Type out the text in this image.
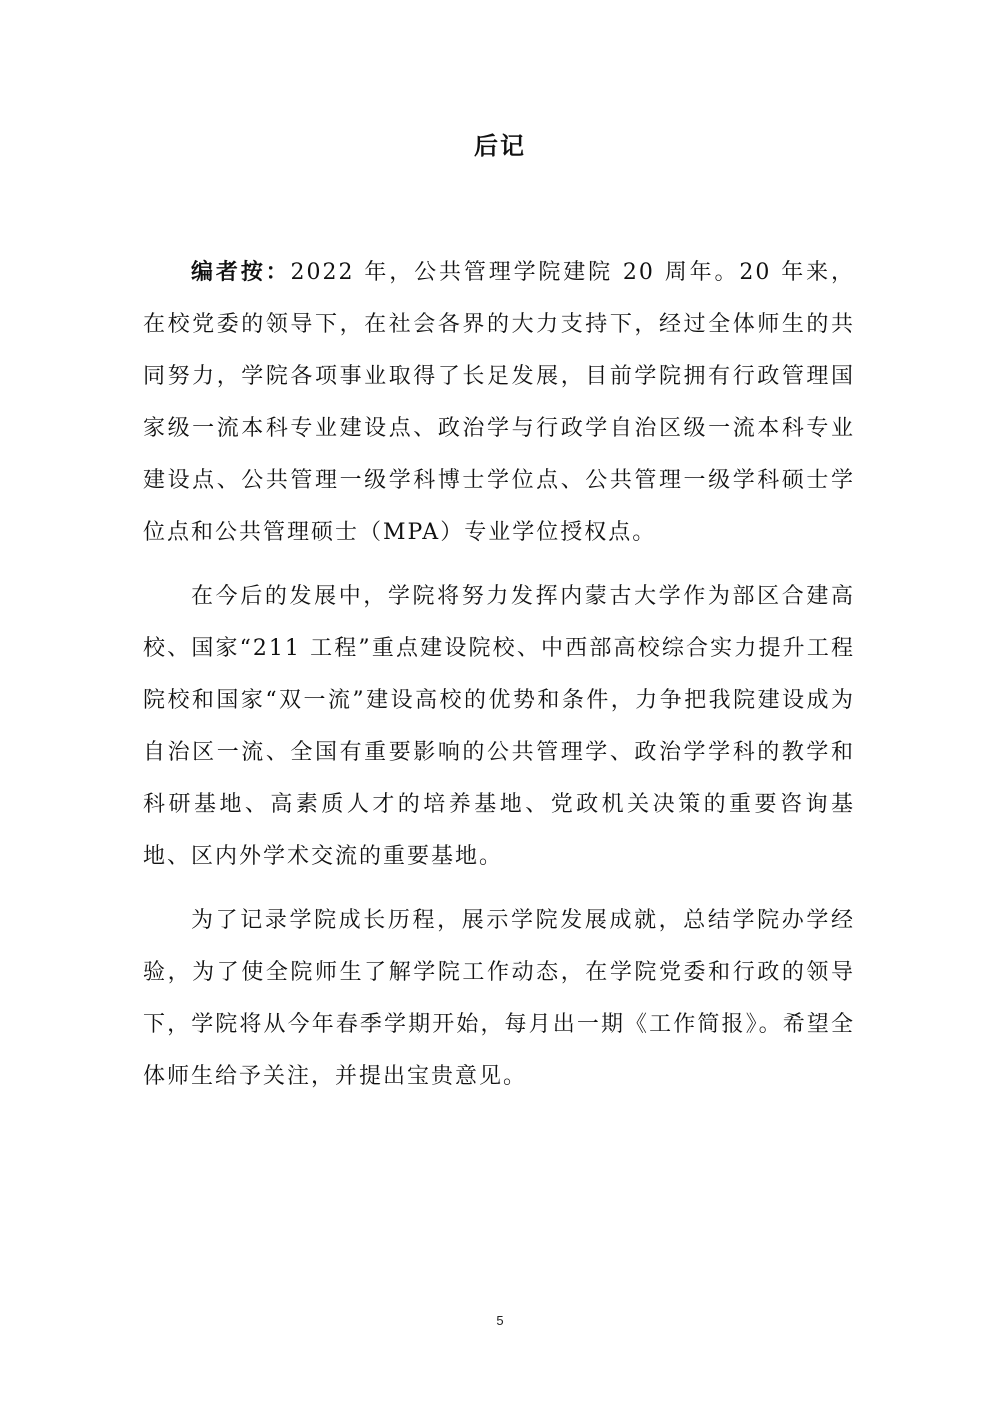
后记

编者按：2022 年，公共管理学院建院 20 周年。20 年来，在校党委的领导下，在社会各界的大力支持下，经过全体师生的共同努力，学院各项事业取得了长足发展，目前学院拥有行政管理国家级一流本科专业建设点、政治学与行政学自治区级一流本科专业建设点、公共管理一级学科博士学位点、公共管理一级学科硕士学位点和公共管理硕士（MPA）专业学位授权点。

在今后的发展中，学院将努力发挥内蒙古大学作为部区合建高校、国家“211 工程”重点建设院校、中西部高校综合实力提升工程院校和国家“双一流”建设高校的优势和条件，力争把我院建设成为自治区一流、全国有重要影响的公共管理学、政治学学科的教学和科研基地、高素质人才的培养基地、党政机关决策的重要咨询基地、区内外学术交流的重要基地。

为了记录学院成长历程，展示学院发展成就，总结学院办学经验，为了使全院师生了解学院工作动态，在学院党委和行政的领导下，学院将从今年春季学期开始，每月出一期《工作简报》。希望全体师生给予关注，并提出宝贵意见。

5
